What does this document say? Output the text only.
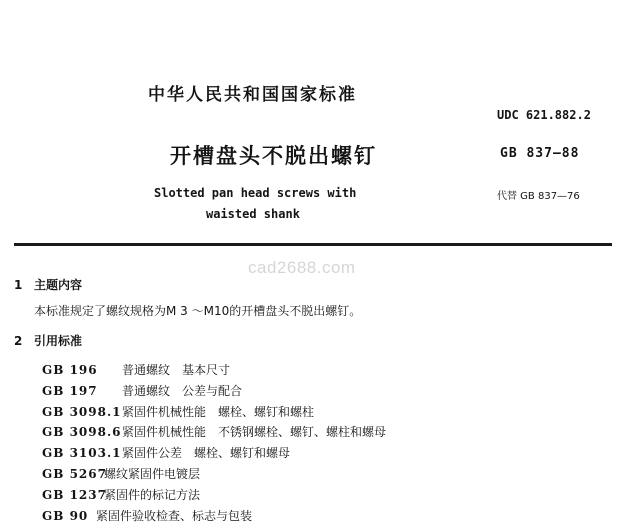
中华人民共和国国家标准
UDC 621.882.2
开槽盘头不脱出螺钉	GB 837—88
Slotted pan head screws with
waisted shank
代替 GB 837—76
cad2688.com
1 主题内容
本标准规定了螺纹规格为M 3 ～M10的开槽盘头不脱出螺钉。
2 引用标准
GB 196 普通螺纹　基本尺寸
GB 197 普通螺纹　公差与配合
GB 3098.1紧固件机械性能　螺栓、螺钉和螺柱
GB 3098.6紧固件机械性能　不锈钢螺栓、螺钉、螺柱和螺母
GB 3103.1紧固件公差　螺栓、螺钉和螺母
GB 5267螺纹紧固件电镀层
GB 1237紧固件的标记方法
GB 90 紧固件验收检查、标志与包装
